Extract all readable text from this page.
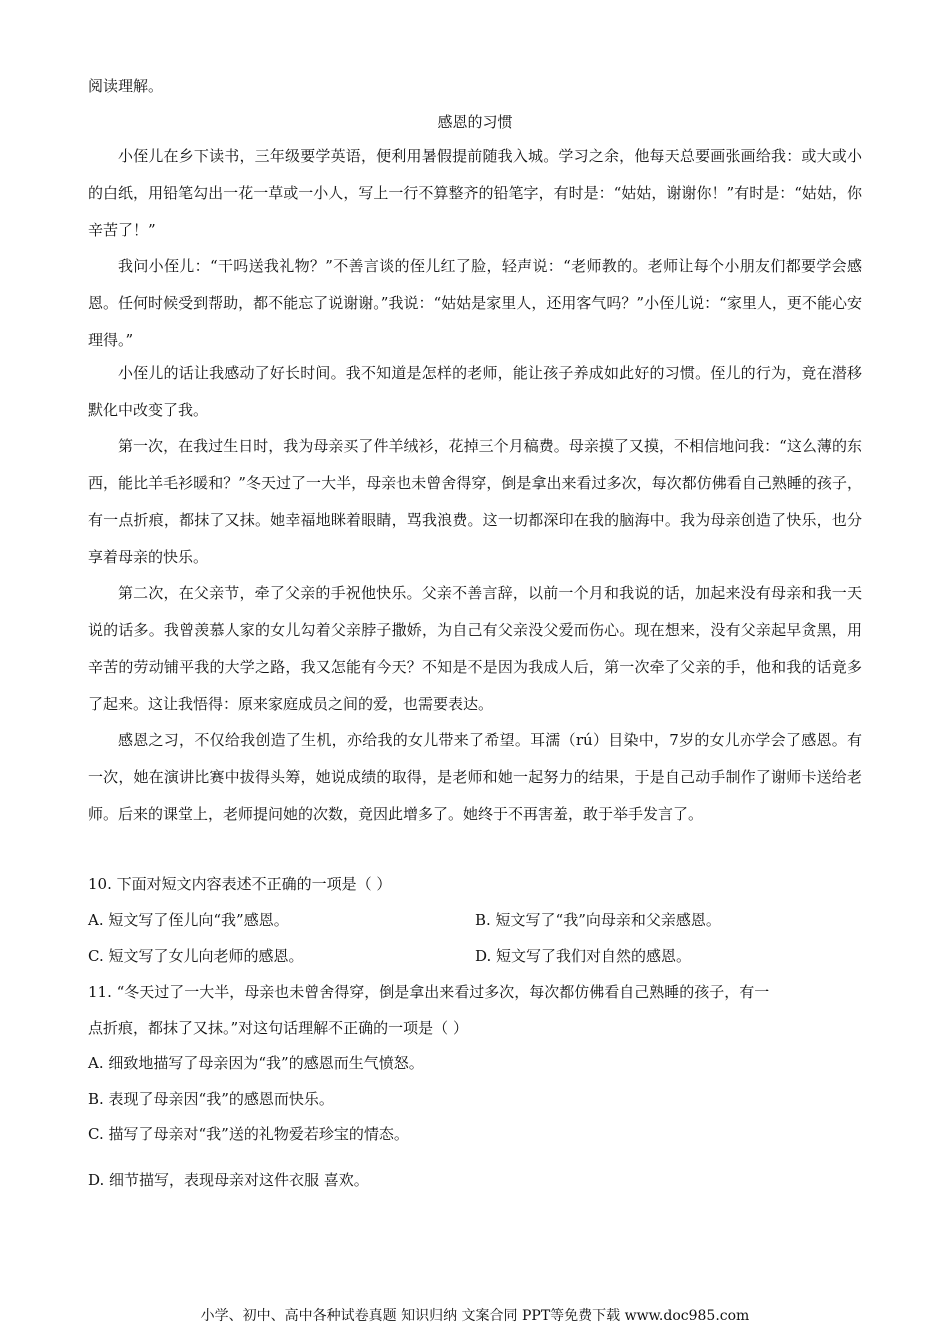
阅读理解。
感恩的习惯
小侄儿在乡下读书，三年级要学英语，便利用暑假提前随我入城。学习之余，他每天总要画张画给我：或大或小的白纸，用铅笔勾出一花一草或一小人，写上一行不算整齐的铅笔字，有时是：“姑姑，谢谢你！”有时是：“姑姑，你辛苦了！”
我问小侄儿：“干吗送我礼物？”不善言谈的侄儿红了脸，轻声说：“老师教的。老师让每个小朋友们都要学会感恩。任何时候受到帮助，都不能忘了说谢谢。”我说：“姑姑是家里人，还用客气吗？”小侄儿说：“家里人，更不能心安理得。”
小侄儿的话让我感动了好长时间。我不知道是怎样的老师，能让孩子养成如此好的习惯。侄儿的行为，竟在潜移默化中改变了我。
第一次，在我过生日时，我为母亲买了件羊绒衫，花掉三个月稿费。母亲摸了又摸，不相信地问我：“这么薄的东西，能比羊毛衫暖和？”冬天过了一大半，母亲也未曾舍得穿，倒是拿出来看过多次，每次都仿佛看自己熟睡的孩子，有一点折痕，都抹了又抹。她幸福地眯着眼睛，骂我浪费。这一切都深印在我的脑海中。我为母亲创造了快乐，也分享着母亲的快乐。
第二次，在父亲节，牵了父亲的手祝他快乐。父亲不善言辞，以前一个月和我说的话，加起来没有母亲和我一天说的话多。我曾羡慕人家的女儿勾着父亲脖子撒娇，为自己有父亲没父爱而伤心。现在想来，没有父亲起早贪黑，用辛苦的劳动铺平我的大学之路，我又怎能有今天？不知是不是因为我成人后，第一次牵了父亲的手，他和我的话竟多了起来。这让我悟得：原来家庭成员之间的爱，也需要表达。
感恩之习，不仅给我创造了生机，亦给我的女儿带来了希望。耳濡（rú）目染中，7岁的女儿亦学会了感恩。有一次，她在演讲比赛中拔得头筹，她说成绩的取得，是老师和她一起努力的结果，于是自己动手制作了谢师卡送给老师。后来的课堂上，老师提问她的次数，竟因此增多了。她终于不再害羞，敢于举手发言了。
10. 下面对短文内容表述不正确的一项是（ ）
A. 短文写了侄儿向“我”感恩。	B. 短文写了“我”向母亲和父亲感恩。
C. 短文写了女儿向老师的感恩。	D. 短文写了我们对自然的感恩。
11. “冬天过了一大半，母亲也未曾舍得穿，倒是拿出来看过多次，每次都仿佛看自己熟睡的孩子，有一
点折痕，都抹了又抹。”对这句话理解不正确的一项是（ ）
A. 细致地描写了母亲因为“我”的感恩而生气愤怒。
B. 表现了母亲因“我”的感恩而快乐。
C. 描写了母亲对“我”送的礼物爱若珍宝的情态。
D. 细节描写，表现母亲对这件衣服 喜欢。
小学、初中、高中各种试卷真题 知识归纳 文案合同 PPT等免费下载 www.doc985.com
